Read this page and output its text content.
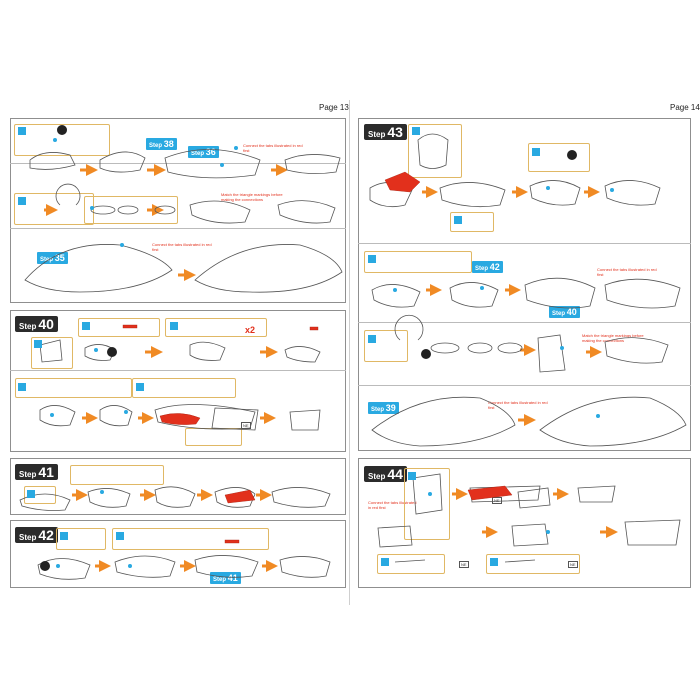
Page 13	Page 14
Step 40
Step 41
Step 42
Step 43
Step 44
Step 38
Step 36
Step 35
Step 41
Step 42
Step 40
Step 39
Connect the tabs illustrated in red first
Match the triangle markings before making the connections
Connect the tabs illustrated in red first
Connect the tabs illustrated in red first
Match the triangle markings before making the connections
Connect the tabs illustrated in red first
Connect the tabs illustrated in red first
x2
NE
NE
NE	NE
